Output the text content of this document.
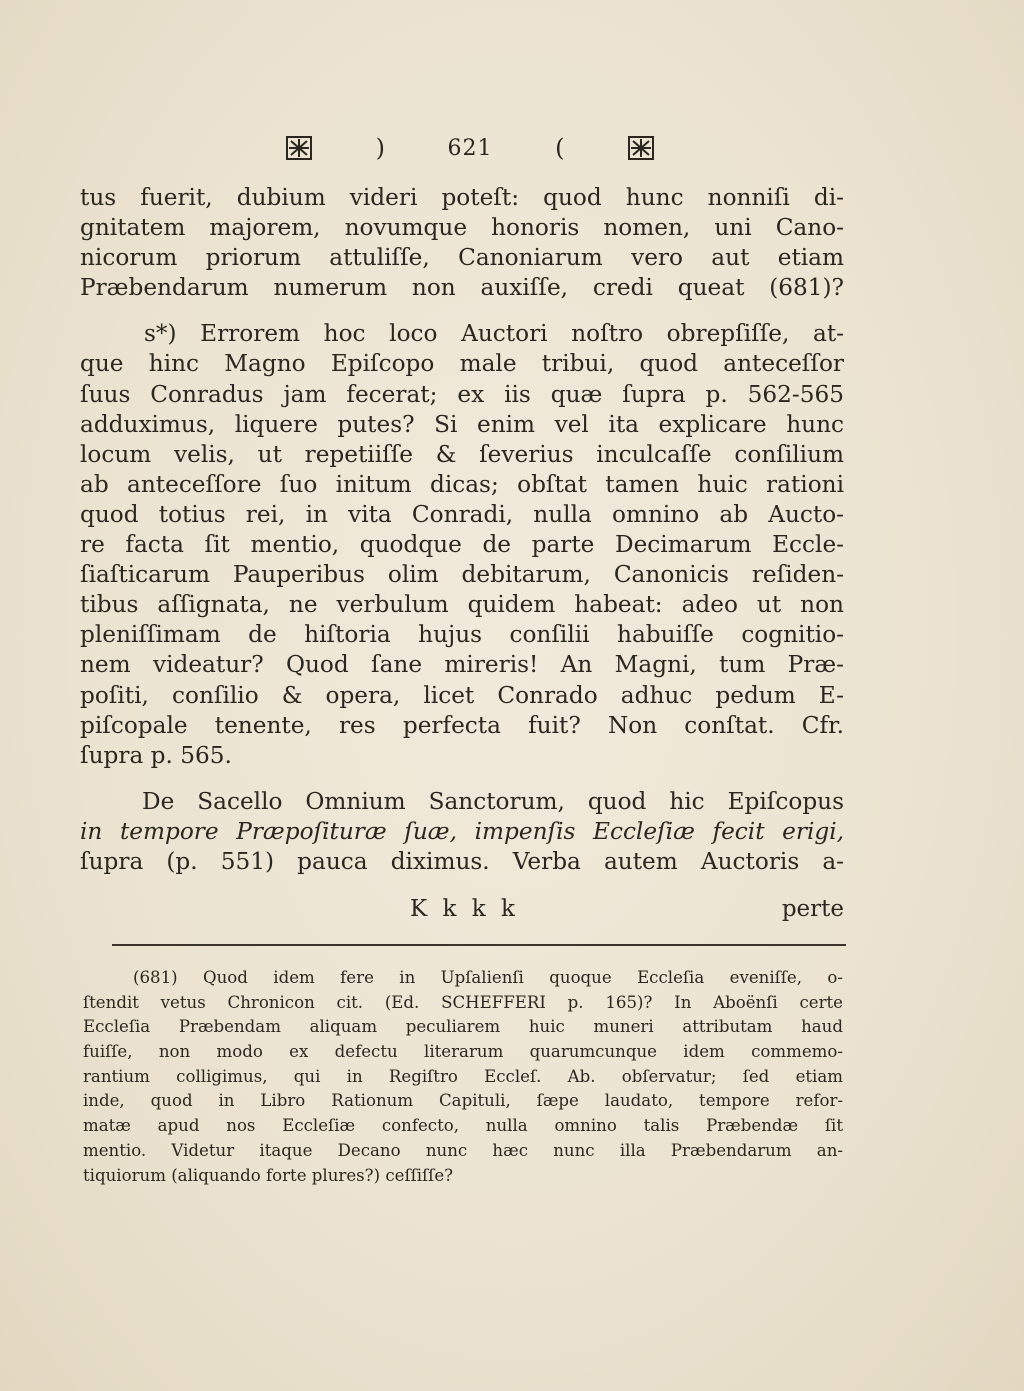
)	621	(
tus fuerit, dubium videri poteſt: quod hunc nonniſi di-
gnitatem majorem, novumque honoris nomen, uni Cano-
nicorum priorum attuliſſe, Canoniarum vero aut etiam
Præbendarum numerum non auxiſſe, credi queat (681)?
s*) Errorem hoc loco Auctori noſtro obrepſiſſe, at-
que hinc Magno Epiſcopo male tribui, quod anteceſſor
ſuus Conradus jam fecerat; ex iis quæ ſupra p. 562-565
adduximus, liquere putes? Si enim vel ita explicare hunc
locum velis, ut repetiiſſe & ſeverius inculcaſſe conſilium
ab anteceſſore ſuo initum dicas; obſtat tamen huic rationi
quod totius rei, in vita Conradi, nulla omnino ab Aucto-
re facta ſit mentio, quodque de parte Decimarum Eccle-
ſiaſticarum Pauperibus olim debitarum, Canonicis reſiden-
tibus aſſignata, ne verbulum quidem habeat: adeo ut non
pleniſſimam de hiſtoria hujus conſilii habuiſſe cognitio-
nem videatur? Quod ſane mireris! An Magni, tum Præ-
poſiti, conſilio & opera, licet Conrado adhuc pedum E-
piſcopale tenente, res perfecta fuit? Non conſtat. Cfr.
ſupra p. 565.
De Sacello Omnium Sanctorum, quod hic Epiſcopus
in tempore Præpoſituræ ſuæ, impenſis Eccleſiæ fecit erigi,
ſupra (p. 551) pauca diximus. Verba autem Auctoris a-
K k k k	perte
(681) Quod idem fere in Upſalienſi quoque Eccleſia eveniſſe, o-
ſtendit vetus Chronicon cit. (Ed. SCHEFFERI p. 165)? In Aboënſi certe
Eccleſia Præbendam aliquam peculiarem huic muneri attributam haud
fuiſſe, non modo ex defectu literarum quarumcunque idem commemo-
rantium colligimus, qui in Regiſtro Eccleſ. Ab. obſervatur; ſed etiam
inde, quod in Libro Rationum Capituli, ſæpe laudato, tempore refor-
matæ apud nos Eccleſiæ confecto, nulla omnino talis Præbendæ ſit
mentio. Videtur itaque Decano nunc hæc nunc illa Præbendarum an-
tiquiorum (aliquando forte plures?) ceſſiſſe?
